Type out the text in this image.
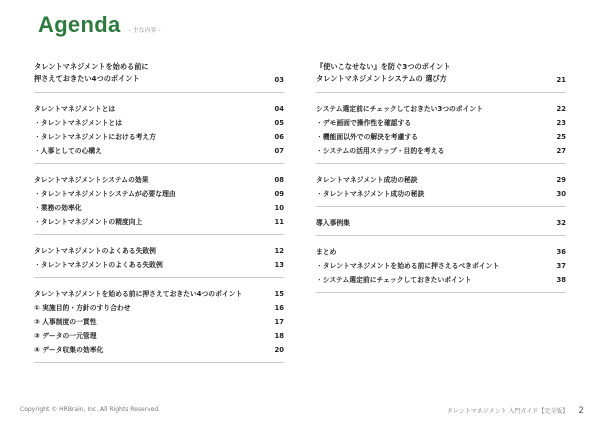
Agenda - 主な内容 -
タレントマネジメントを始める前に
押さえておきたい4つのポイント	03
タレントマネジメントとは	04
・ タレントマネジメントとは	05
・ タレントマネジメントにおける考え方	06
・ 人事としての心構え	07
タレントマネジメントシステムの効果	08
・ タレントマネジメントシステムが必要な理由	09
・ 業務の効率化	10
・ タレントマネジメントの精度向上	11
タレントマネジメントのよくある失敗例	12
・ タレントマネジメントのよくある失敗例	13
タレントマネジメントを始める前に押さえておきたい4つのポイント	15
① 実施目的・方針のすり合わせ	16
② 人事制度の一貫性	17
③ データの一元管理	18
④ データ収集の効率化	20
『使いこなせない』を防ぐ3つのポイント
タレントマネジメントシステムの 選び方	21
システム選定前にチェックしておきたい3つのポイント	22
・ デモ画面で操作性を確認する	23
・ 機能面以外での解決を考慮する	25
・ システムの活用ステップ・目的を考える	27
タレントマネジメント成功の秘訣	29
・ タレントマネジメント成功の秘訣	30
導入事例集	32
まとめ	36
・ タレントマネジメントを始める前に押さえるべきポイント	37
・ システム選定前にチェックしておきたいポイント	38
Copyright © HRBrain, Inc. All Rights Reserved.	タレントマネジメント 入門ガイド【完全版】 2
